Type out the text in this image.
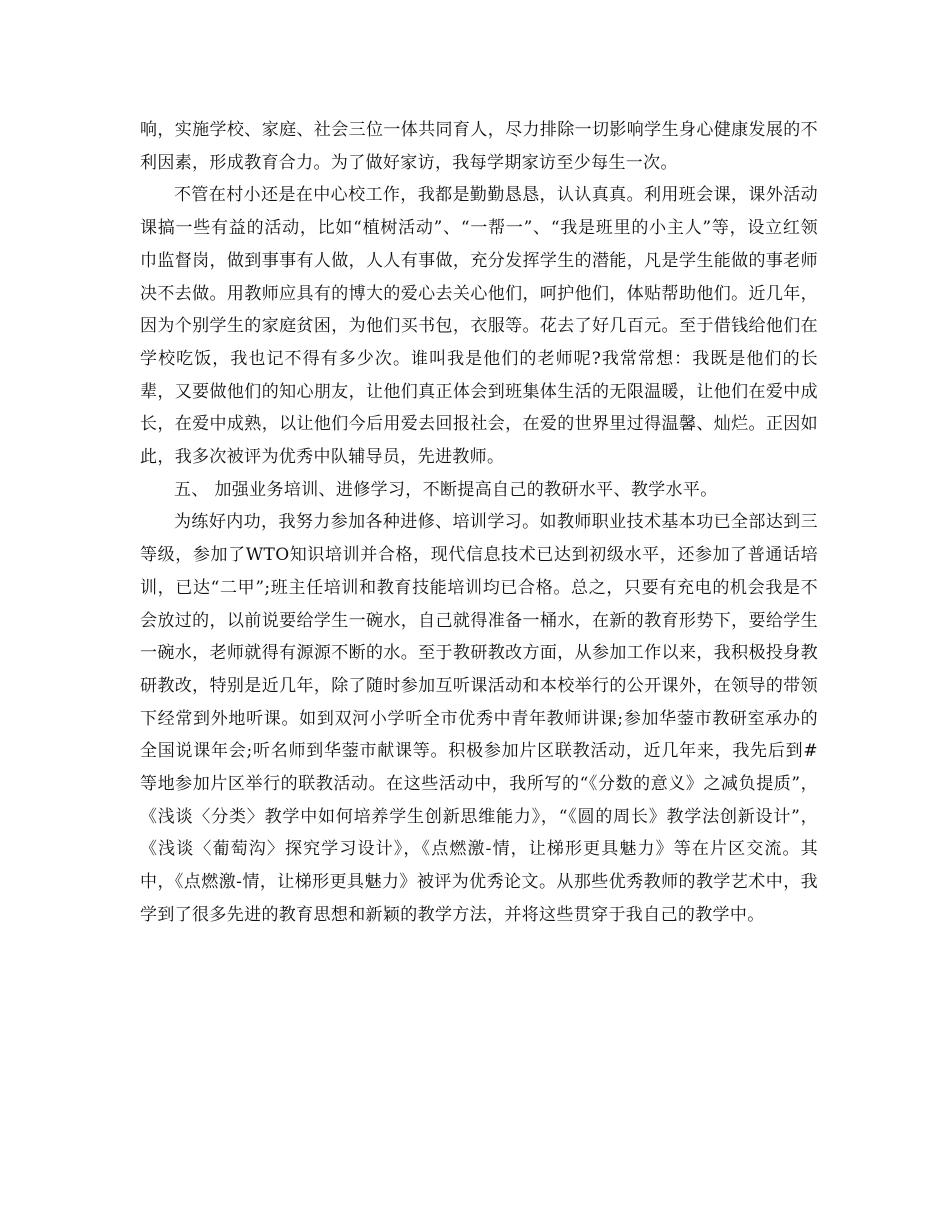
响，实施学校、家庭、社会三位一体共同育人，尽力排除一切影响学生身心健康发展的不利因素，形成教育合力。为了做好家访，我每学期家访至少每生一次。

不管在村小还是在中心校工作，我都是勤勤恳恳，认认真真。利用班会课，课外活动课搞一些有益的活动，比如“植树活动”、“一帮一”、“我是班里的小主人”等，设立红领巾监督岗，做到事事有人做，人人有事做，充分发挥学生的潜能，凡是学生能做的事老师决不去做。用教师应具有的博大的爱心去关心他们，呵护他们，体贴帮助他们。近几年，因为个别学生的家庭贫困，为他们买书包，衣服等。花去了好几百元。至于借钱给他们在学校吃饭，我也记不得有多少次。谁叫我是他们的老师呢?我常常想：我既是他们的长辈，又要做他们的知心朋友，让他们真正体会到班集体生活的无限温暖，让他们在爱中成长，在爱中成熟，以让他们今后用爱去回报社会，在爱的世界里过得温馨、灿烂。正因如此，我多次被评为优秀中队辅导员，先进教师。

五、 加强业务培训、进修学习，不断提高自己的教研水平、教学水平。

为练好内功，我努力参加各种进修、培训学习。如教师职业技术基本功已全部达到三等级，参加了WTO知识培训并合格，现代信息技术已达到初级水平，还参加了普通话培训，已达“二甲”;班主任培训和教育技能培训均已合格。总之，只要有充电的机会我是不会放过的，以前说要给学生一碗水，自己就得准备一桶水，在新的教育形势下，要给学生一碗水，老师就得有源源不断的水。至于教研教改方面，从参加工作以来，我积极投身教研教改，特别是近几年，除了随时参加互听课活动和本校举行的公开课外，在领导的带领下经常到外地听课。如到双河小学听全市优秀中青年教师讲课;参加华蓥市教研室承办的全国说课年会;听名师到华蓥市献课等。积极参加片区联教活动，近几年来，我先后到#等地参加片区举行的联教活动。在这些活动中，我所写的“《分数的意义》之减负提质”，《浅谈〈分类〉教学中如何培养学生创新思维能力》，“《圆的周长》教学法创新设计”，《浅谈〈葡萄沟〉探究学习设计》，《点燃激-情，让梯形更具魅力》等在片区交流。其中，《点燃激-情，让梯形更具魅力》被评为优秀论文。从那些优秀教师的教学艺术中，我学到了很多先进的教育思想和新颖的教学方法，并将这些贯穿于我自己的教学中。
